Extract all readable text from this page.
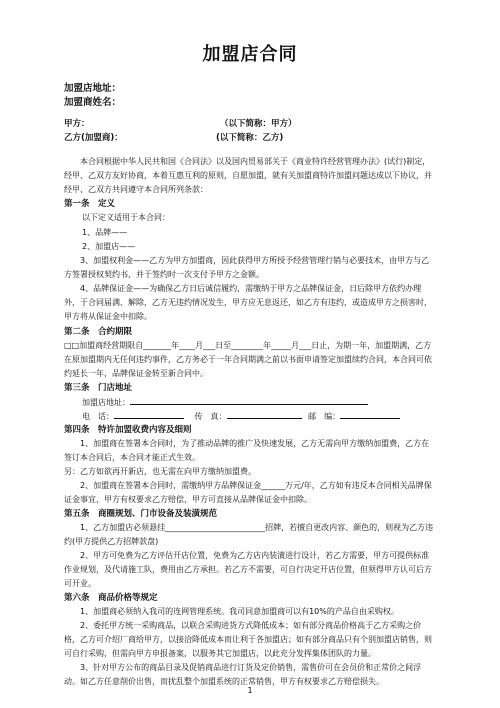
加盟店合同
加盟店地址：
加盟商姓名：
甲方：	（以下简称：甲方）
乙方(加盟商)：	(以下简称：乙方)

本合同根据中华人民共和国《合同法》以及国内贸易部关于《商业特许经营管理办法》(试行)制定，经甲、乙双方友好协商，本着互惠互利的原则，自愿加盟，就有关加盟商特许加盟问题达成以下协议，并经甲、乙双方共同遵守本合同所列条款：

第一条　定义

以下定义适用于本合同：

1、品牌——

2、加盟店——

3、加盟权利金——乙方为甲方加盟商，因此获得甲方所授予经营管理行销与必要技术，由甲方与乙方签署授权契约书，并于签约时一次支付予甲方之金额。

4、品牌保证金——为确保乙方日后诚信履约，需缴纳于甲方之品牌保证金，日后除甲方依约办理外，于合同届满、解除，乙方无违约情况发生，甲方应无息返还，如乙方有违约，或造成甲方之损害时，甲方将从保证金中扣除。

第二条　合约期限

□□加盟商经营期限自_______年____月___日至________年_____月___日止，为期一年，加盟期满，乙方在原加盟期内无任何违约事件，乙方务必于一年合同期满之前以书面申请签定加盟续约合同，本合同可依约延长一年，品牌保证金转至新合同中。

第三条　门店地址
加盟店地址：
电　话：	传　真：	邮　编：
第四条　特许加盟收费内容及细则

1、加盟商在签署本合同时，为了推动品牌的推广及快速发展，乙方无需向甲方缴纳加盟费，乙方在签订本合同后，本合同才能正式生效。

另：乙方如欲再开新店，也无需在向甲方缴纳加盟费。

2、加盟商在签署本合同时，需缴纳甲方品牌保证金______万元/年，乙方如有违反本合同相关品牌保证金事宜，甲方有权要求乙方赔偿，甲方可直接从品牌保证金中扣除。

第五条　商圈规划、门市设备及装潢规范

1、乙方加盟店必须悬挂_________________________招牌，若擅自更改内容、颜色的，则视为乙方违约(甲方提供乙方招牌款盘)

2、甲方可免费为乙方评估开店位置，免费为乙方店内装潢进行设计，若乙方需要，甲方可提供标准作业规划，及代请施工队，费用由乙方承担。若乙方不需要，可自行决定开店位置，但须得甲方认可后方可开业。

第六条　商品价格等规定

1、加盟商必须纳入我司的连网管理系统。我司同意加盟商可以有10%的产品自由采购权。

2、委托甲方统一采购商品，以联合采购进货方式降低成本；如有部分商品价格高于乙方采购之价格，乙方可介绍厂商给甲方，以接洽降低成本而让利于各加盟店；如有部分商品只有个别加盟店销售，则可自行采购，但需向甲方申报备案，以服务其它加盟店，以此充分发挥集体团队的力量。

3、针对甲方公布的商品目录及促销商品进行订货及定价销售，需售价可在会员价和正常价之间浮动。如乙方任意削价出售，而扰乱整个加盟系统的正常销售，甲方有权要求乙方赔偿损失。

1
